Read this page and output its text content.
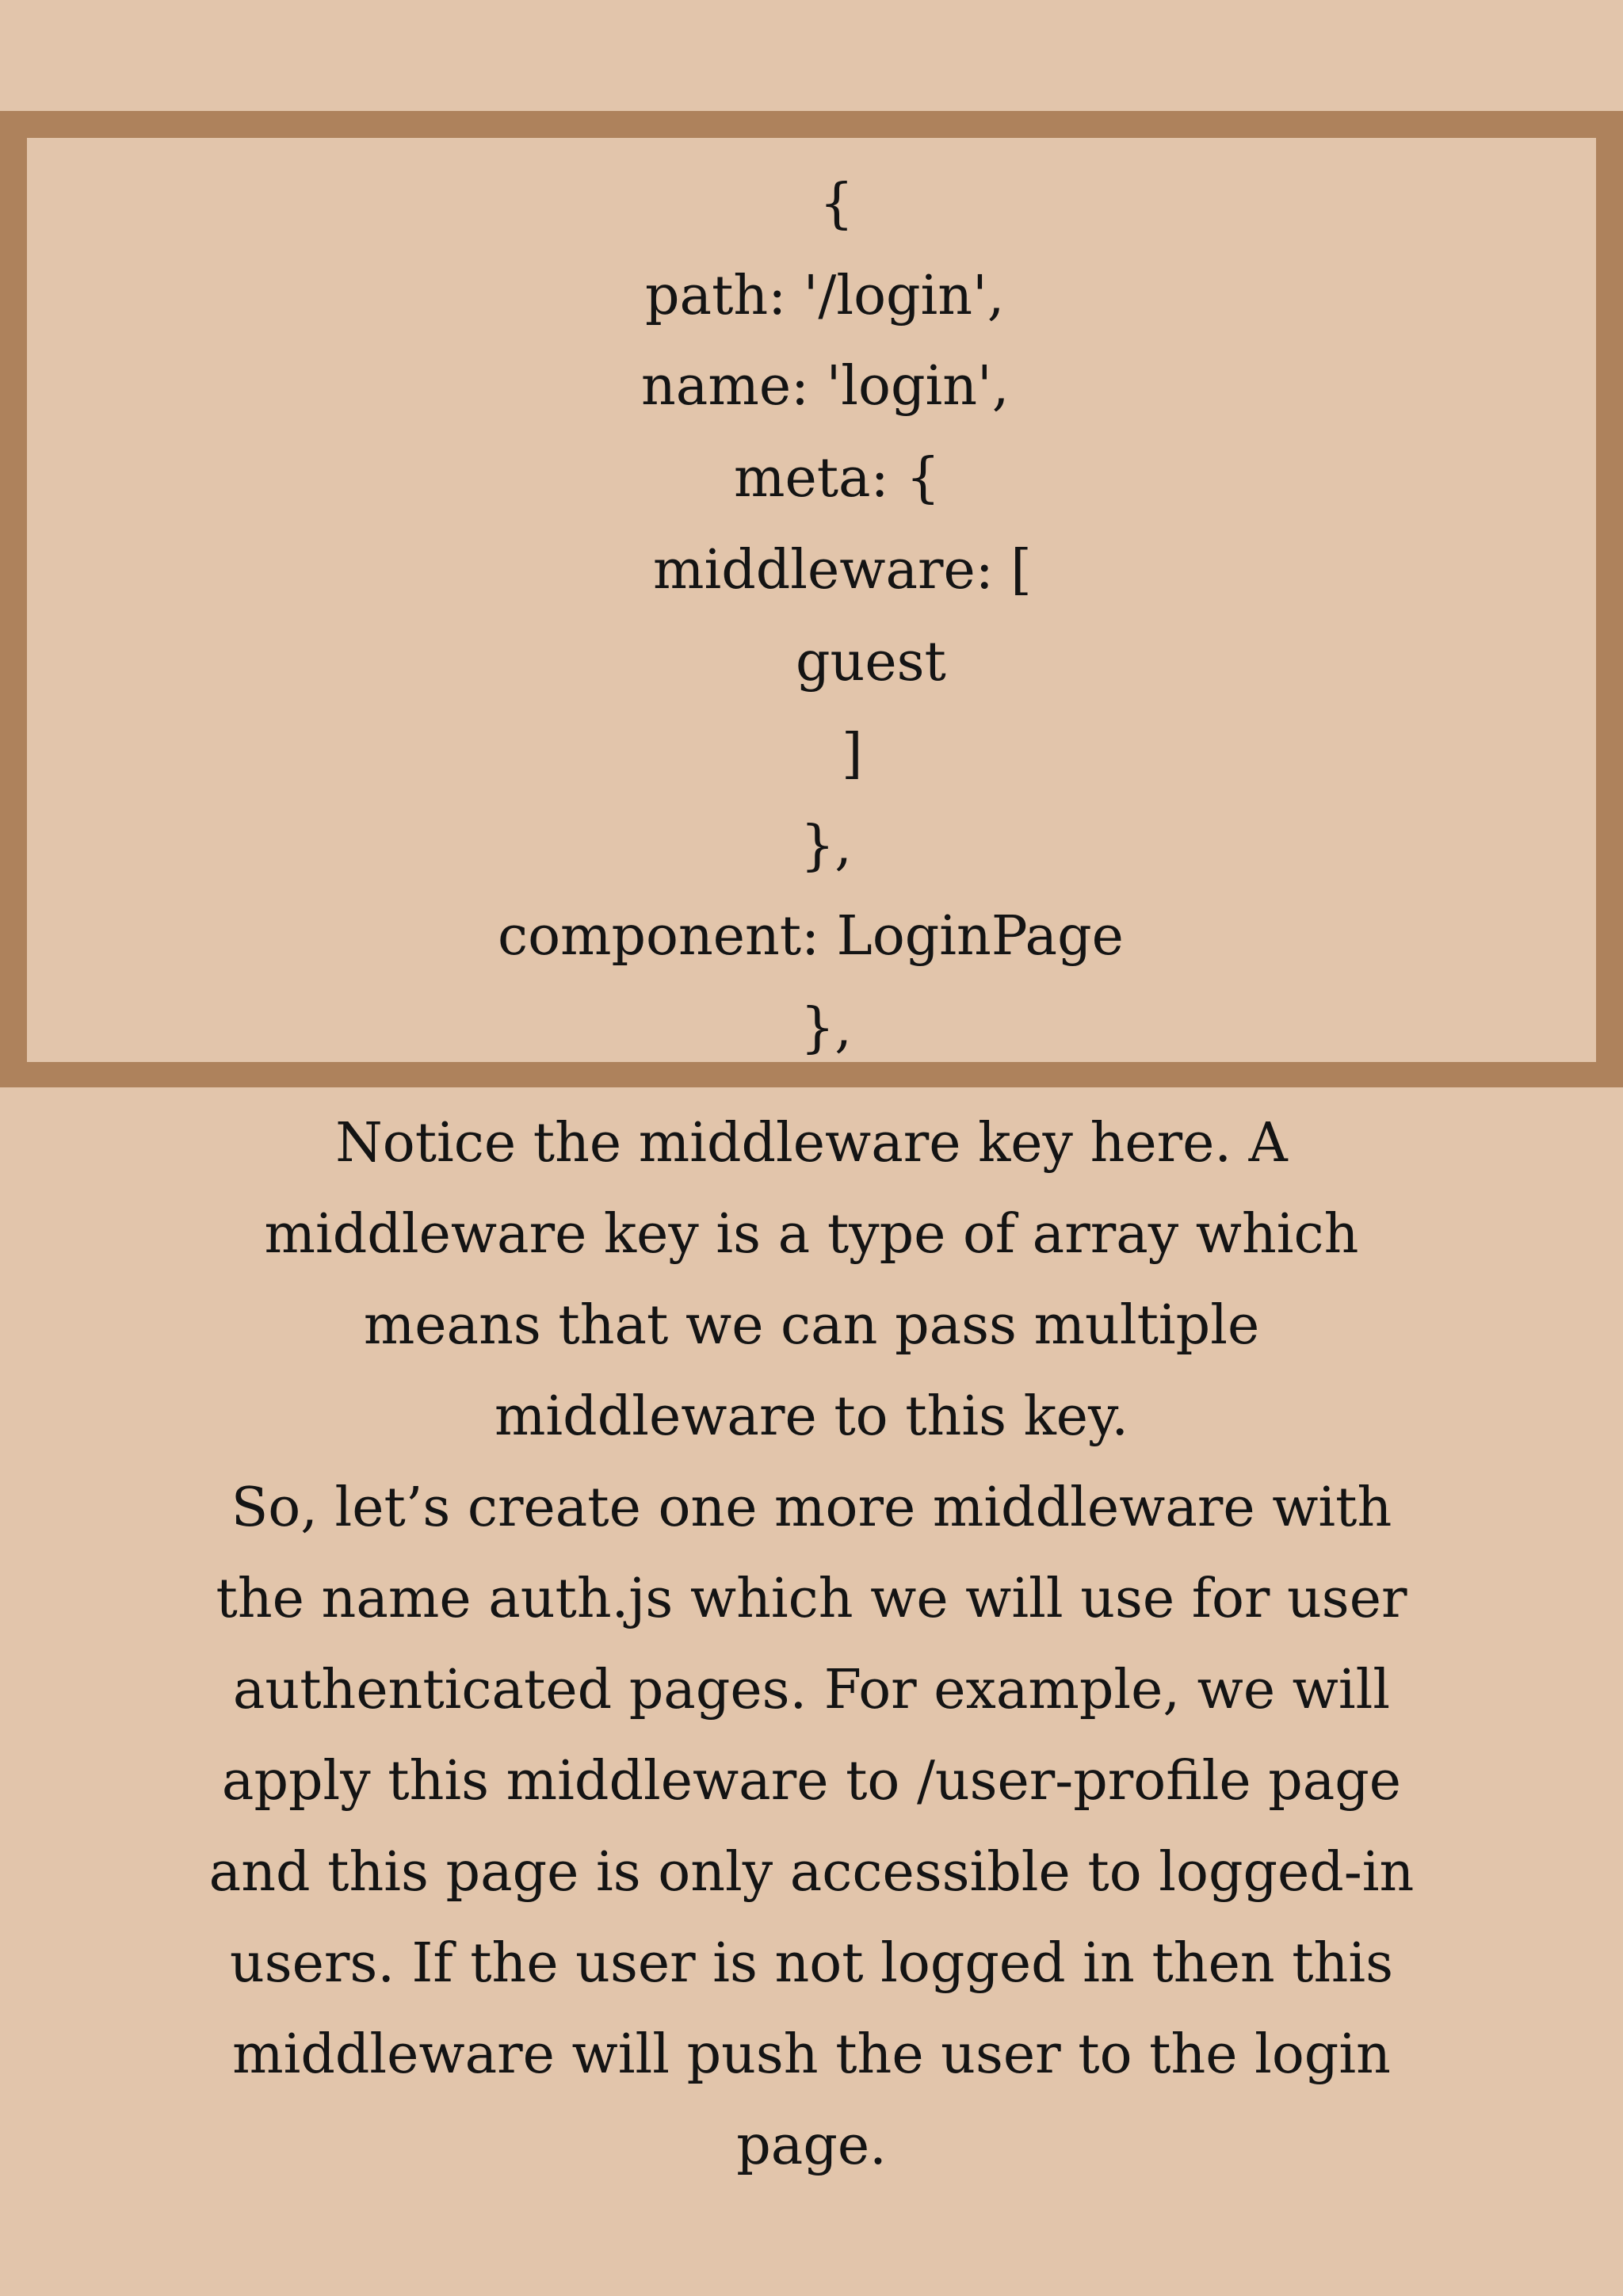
{
path: '/login',
name: 'login',
meta: {
middleware: [
guest
]
},
component: LoginPage
},
Notice the middleware key here. A
middleware key is a type of array which
means that we can pass multiple
middleware to this key.
So, let’s create one more middleware with
the name auth.js which we will use for user
authenticated pages. For example, we will
apply this middleware to /user-profile page
and this page is only accessible to logged-in
users. If the user is not logged in then this
middleware will push the user to the login
page.
